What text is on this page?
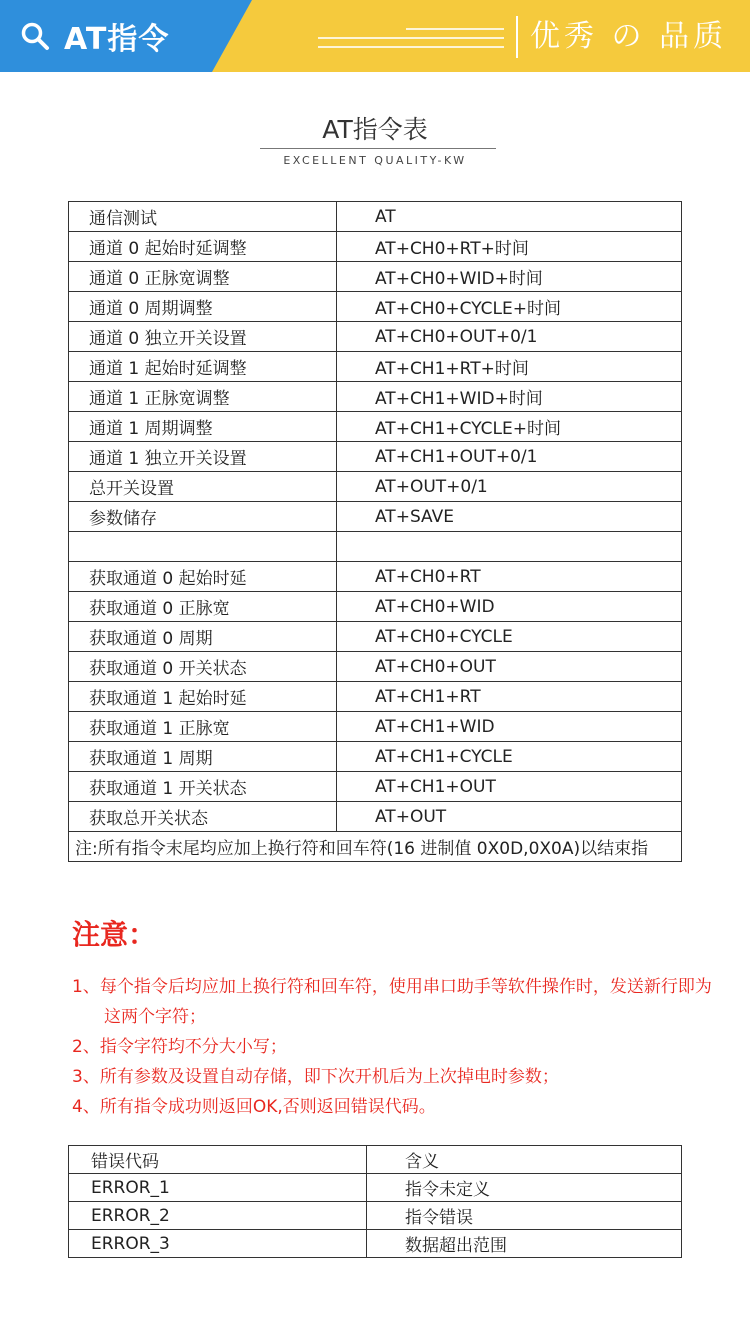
AT指令	优秀 の 品质
AT指令表
EXCELLENT QUALITY-KW
通信测试	AT
通道 0 起始时延调整	AT+CH0+RT+时间
通道 0 正脉宽调整	AT+CH0+WID+时间
通道 0 周期调整	AT+CH0+CYCLE+时间
通道 0 独立开关设置	AT+CH0+OUT+0/1
通道 1 起始时延调整	AT+CH1+RT+时间
通道 1 正脉宽调整	AT+CH1+WID+时间
通道 1 周期调整	AT+CH1+CYCLE+时间
通道 1 独立开关设置	AT+CH1+OUT+0/1
总开关设置	AT+OUT+0/1
参数储存	AT+SAVE

获取通道 0 起始时延	AT+CH0+RT
获取通道 0 正脉宽	AT+CH0+WID
获取通道 0 周期	AT+CH0+CYCLE
获取通道 0 开关状态	AT+CH0+OUT
获取通道 1 起始时延	AT+CH1+RT
获取通道 1 正脉宽	AT+CH1+WID
获取通道 1 周期	AT+CH1+CYCLE
获取通道 1 开关状态	AT+CH1+OUT
获取总开关状态	AT+OUT
注:所有指令末尾均应加上换行符和回车符(16 进制值 0X0D,0X0A)以结束指	
注意：
1、每个指令后均应加上换行符和回车符，使用串口助手等软件操作时，发送新行即为这两个字符；
2、指令字符均不分大小写；
3、所有参数及设置自动存储，即下次开机后为上次掉电时参数；
4、所有指令成功则返回OK,否则返回错误代码。
错误代码	含义
ERROR_1	指令未定义
ERROR_2	指令错误
ERROR_3	数据超出范围
